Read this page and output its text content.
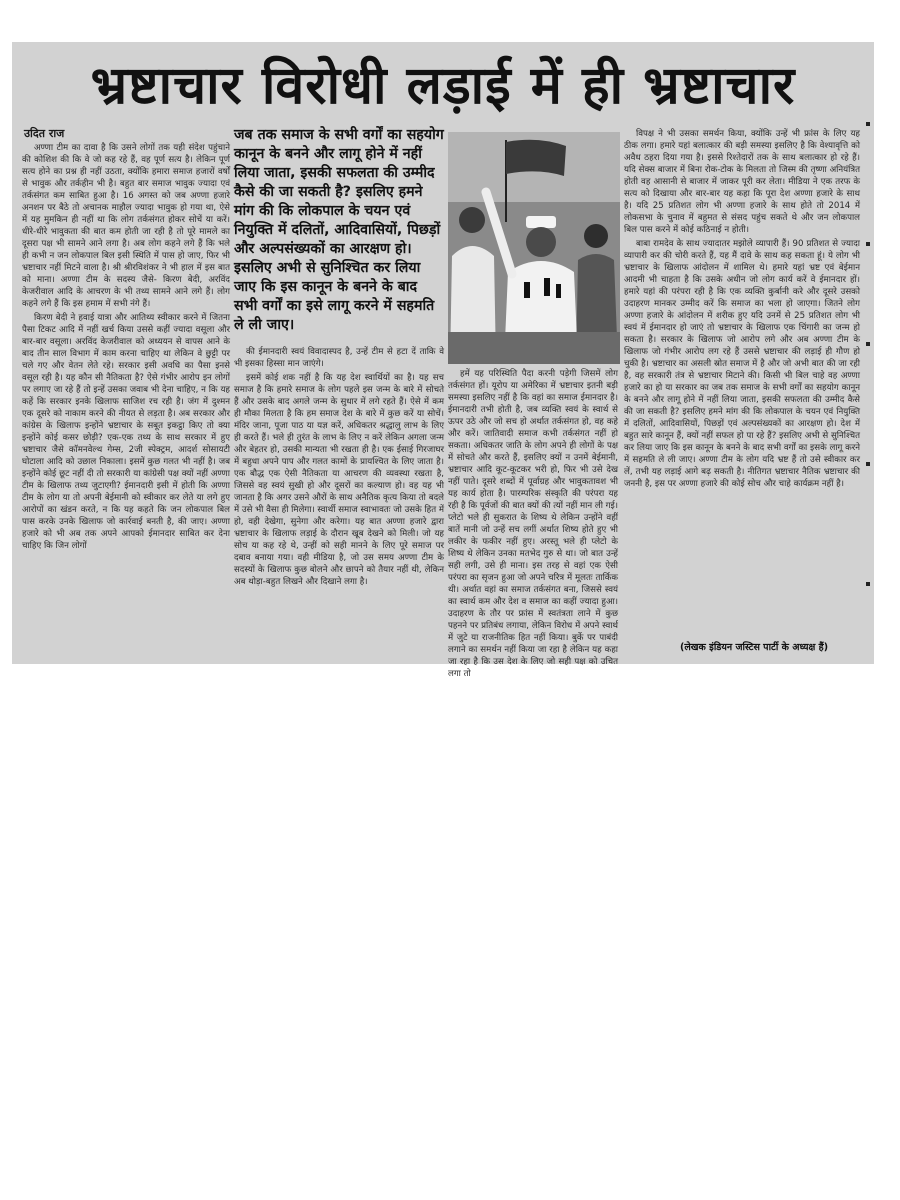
भ्रष्टाचार विरोधी लड़ाई में ही भ्रष्टाचार
उदित राज

अण्णा टीम का दावा है कि उसने लोगों तक यही संदेश पहुंचाने की कोशिश की कि वे जो कह रहे हैं, वह पूर्ण सत्य है। लेकिन पूर्ण सत्य होने का प्रश्न ही नहीं उठता, क्योंकि हमारा समाज हजारों वर्षों से भावुक और तर्कहीन भी है। बहुत बार समाज भावुक ज्यादा एवं तर्कसंगत कम साबित हुआ है। 16 अगस्त को जब अण्णा हजारे अनशन पर बैठे तो अचानक माहौल ज्यादा भावुक हो गया था, ऐसे में यह मुमकिन ही नहीं था कि लोग तर्कसंगत होकर सोचें या करें। धीरे-धीरे भावुकता की बात कम होती जा रही है तो पूरे मामले का दूसरा पक्ष भी सामने आने लगा है। अब लोग कहने लगे हैं कि भले ही कभी न जन लोकपाल बिल इसी स्थिति में पास हो जाए, फिर भी भ्रष्टाचार नहीं मिटने वाला है। श्री श्रीरविशंकर ने भी हाल में इस बात को माना। अण्णा टीम के सदस्य जैसे- किरण बेदी, अरविंद केजरीवाल आदि के आचरण के भी तथ्य सामने आने लगे हैं। लोग कहने लगे हैं कि इस हमाम में सभी नंगे हैं।

किरण बेदी ने हवाई यात्रा और आतिथ्य स्वीकार करने में जितना पैसा टिकट आदि में नहीं खर्च किया उससे कहीं ज्यादा वसूला और बार-बार वसूला। अरविंद केजरीवाल को अध्ययन से वापस आने के बाद तीन साल विभाग में काम करना चाहिए था लेकिन वे छुट्टी पर चले गए और वेतन लेते रहे। सरकार इसी अवधि का पैसा इनसे वसूल रही है। यह कौन सी नैतिकता है? ऐसे गंभीर आरोप इन लोगों पर लगाए जा रहे हैं तो इन्हें उसका जवाब भी देना चाहिए, न कि यह कहें कि सरकार इनके खिलाफ साजिश रच रही है। जंग में दुश्मन एक दूसरे को नाकाम करने की नीयत से लड़ता है। अब सरकार और कांग्रेस के खिलाफ इन्होंने भ्रष्टाचार के सबूत इकट्ठा किए तो क्या इन्होंने कोई कसर छोड़ी? एक-एक तथ्य के साथ सरकार में हुए भ्रष्टाचार जैसे कॉमनवेल्थ गेम्स, 2जी स्पेक्ट्रम, आदर्श सोसायटी घोटाला आदि को उछाल निकाला। इसमें कुछ गलत भी नहीं है। जब इन्होंने कोई छूट नहीं दी तो सरकारी या कांग्रेसी पक्ष क्यों नहीं अण्णा टीम के खिलाफ तथ्य जुटाएगी? ईमानदारी इसी में होती कि अण्णा टीम के लोग या तो अपनी बेईमानी को स्वीकार कर लेते या लगे हुए आरोपों का खंडन करते, न कि यह कहते कि जन लोकपाल बिल पास करके उनके खिलाफ जो कार्रवाई बनती है, की जाए। अण्णा हजारे को भी अब तक अपने आपको ईमानदार साबित कर देना चाहिए कि जिन लोगों

जब तक समाज के सभी वर्गों का सहयोग कानून के बनने और लागू होने में नहीं लिया जाता, इसकी सफलता की उम्मीद कैसे की जा सकती है? इसलिए हमने मांग की कि लोकपाल के चयन एवं नियुक्ति में दलितों, आदिवासियों, पिछड़ों और अल्पसंख्यकों का आरक्षण हो। इसलिए अभी से सुनिश्चित कर लिया जाए कि इस कानून के बनने के बाद सभी वर्गों का इसे लागू करने में सहमति ले ली जाए।

की ईमानदारी स्वयं विवादास्पद है, उन्हें टीम से हटा दें ताकि वे भी इसका हिस्सा मान जाएंगे।

इसमें कोई शक नहीं है कि यह देश स्वार्थियों का है। यह सच समाज है कि हमारे समाज के लोग पहले इस जन्म के बारे में सोचते हैं और उसके बाद अगले जन्म के सुधार में लगे रहते हैं। ऐसे में कम ही मौका मिलता है कि हम समाज देश के बारे में कुछ करें या सोचें। मंदिर जाना, पूजा पाठ या यज्ञ करें, अधिकतर श्रद्धालु लाभ के लिए ही करते हैं। भले ही तुरंत के लाभ के लिए न करें लेकिन अगला जन्म और बेहतर हो, उसकी मान्यता भी रखता ही है। एक ईसाई गिरजाघर में बहुधा अपने पाप और गलत कामों के प्रायश्चित के लिए जाता है। एक बौद्ध एक ऐसी नैतिकता या आचरण की व्यवस्था रखता है, जिससे वह स्वयं सुखी हो और दूसरों का कल्याण हो। वह यह भी जानता है कि अगर उसने औरों के साथ अनैतिक कृत्य किया तो बदले में उसे भी वैसा ही मिलेगा। स्वार्थी समाज स्वाभावतः जो उसके हित में हो, वही देखेगा, सुनेगा और करेगा। यह बात अण्णा हजारे द्वारा भ्रष्टाचार के खिलाफ लड़ाई के दौरान खूब देखने को मिली। जो यह सोच या कह रहे थे, उन्हीं को सही मानने के लिए पूरे समाज पर दबाव बनाया गया। वही मीडिया है, जो उस समय अण्णा टीम के सदस्यों के खिलाफ कुछ बोलने और छापने को तैयार नहीं थी, लेकिन अब थोड़ा-बहुत लिखने और दिखाने लगा है।

हमें यह परिस्थिति पैदा करनी पड़ेगी जिसमें लोग तर्कसंगत हों। यूरोप या अमेरिका में भ्रष्टाचार इतनी बड़ी समस्या इसलिए नहीं है कि वहां का समाज ईमानदार है। ईमानदारी तभी होती है, जब व्यक्ति स्वयं के स्वार्थ से ऊपर उठे और जो सच हो अर्थात तर्कसंगत हो, वह कहे और करें। जातिवादी समाज कभी तर्कसंगत नहीं हो सकता। अधिकतर जाति के लोग अपने ही लोगों के पक्ष में सोचते और करते हैं, इसलिए क्यों न उनमें बेईमानी, भ्रष्टाचार आदि कूट-कूटकर भरी हो, फिर भी उसे देख नहीं पाते। दूसरे शब्दों में पूर्वाग्रह और भावुकतावश भी यह कार्य होता है। पारम्परिक संस्कृति की परंपरा यह रही है कि पूर्वजों की बात क्यों की त्यों नहीं मान ली गई। प्लेटो भले ही सुकरात के शिष्य थे लेकिन उन्होंने वहीं बातें मानी जो उन्हें सच लगीं अर्थात शिष्य होते हुए भी लकीर के फकीर नहीं हुए। अरस्तू भले ही प्लेटो के शिष्य थे लेकिन उनका मतभेद गुरु से था। जो बात उन्हें सही लगी, उसे ही माना। इस तरह से वहां एक ऐसी परंपरा का सृजन हुआ जो अपने चरित्र में मूलतः तार्किक थी। अर्थात वहां का समाज तर्कसंगत बना, जिससे स्वयं का स्वार्थ कम और देश व समाज का कहीं ज्यादा हुआ। उदाहरण के तौर पर फ्रांस में स्वतंत्रता लाने में कुछ पहनने पर प्रतिबंध लगाया, लेकिन विरोध में अपने स्वार्थ में जुटे या राजनीतिक हित नहीं किया। बुर्के पर पाबंदी लगाने का समर्थन नहीं किया जा रहा है लेकिन यह कहा जा रहा है कि उस देश के लिए जो सही पक्ष को उचित लगा तो

विपक्ष ने भी उसका समर्थन किया, क्योंकि उन्हें भी फ्रांस के लिए यह ठीक लगा। हमारे यहां बलात्कार की बड़ी समस्या इसलिए है कि वेश्यावृत्ति को अवैध ठहरा दिया गया है। इससे रिश्तेदारों तक के साथ बलात्कार हो रहे हैं। यदि सेक्स बाजार में बिना रोक-टोक के मिलता तो जिस्म की तृष्णा अनियंत्रित होती वह आसानी से बाजार में जाकर पूरी कर लेता। मीडिया ने एक तरफ के सत्य को दिखाया और बार-बार यह कहा कि पूरा देश अण्णा हजारे के साथ है। यदि 25 प्रतिशत लोग भी अण्णा हजारे के साथ होते तो 2014 में लोकसभा के चुनाव में बहुमत से संसद पहुंच सकते थे और जन लोकपाल बिल पास करने में कोई कठिनाई न होती।

बाबा रामदेव के साथ ज्यादातर मझोले व्यापारी हैं। 90 प्रतिशत से ज्यादा व्यापारी कर की चोरी करते हैं, यह मैं दावे के साथ कह सकता हूं। ये लोग भी भ्रष्टाचार के खिलाफ आंदोलन में शामिल थे। हमारे यहां भ्रष्ट एवं बेईमान आदमी भी चाहता है कि उसके अधीन जो लोग कार्य करें वे ईमानदार हों। हमारे यहां की परंपरा रही है कि एक व्यक्ति कुर्बानी करे और दूसरे उसको उदाहरण मानकर उम्मीद करें कि समाज का भला हो जाएगा। जितने लोग अण्णा हजारे के आंदोलन में शरीक हुए यदि उनमें से 25 प्रतिशत लोग भी स्वयं में ईमानदार हो जाएं तो भ्रष्टाचार के खिलाफ एक चिंगारी का जन्म हो सकता है। सरकार के खिलाफ जो आरोप लगे और अब अण्णा टीम के खिलाफ जो गंभीर आरोप लग रहे हैं उससे भ्रष्टाचार की लड़ाई ही गौण हो चुकी है। भ्रष्टाचार का असली स्रोत समाज में है और जो अभी बात की जा रही है, वह सरकारी तंत्र से भ्रष्टाचार मिटाने की। किसी भी बिल चाहे वह अण्णा हजारे का हो या सरकार का जब तक समाज के सभी वर्गों का सहयोग कानून के बनने और लागू होने में नहीं लिया जाता, इसकी सफलता की उम्मीद कैसे की जा सकती है? इसलिए हमने मांग की कि लोकपाल के चयन एवं नियुक्ति में दलितों, आदिवासियों, पिछड़ों एवं अल्पसंख्यकों का आरक्षण हो। देश में बहुत सारे कानून हैं, क्यों नहीं सफल हो पा रहे हैं? इसलिए अभी से सुनिश्चित कर लिया जाए कि इस कानून के बनने के बाद सभी वर्गों का इसके लागू करने में सहमति ले ली जाए। अण्णा टीम के लोग यदि भ्रष्ट हैं तो उसे स्वीकार कर लें, तभी यह लड़ाई आगे बढ़ सकती है। नीतिगत भ्रष्टाचार नैतिक भ्रष्टाचार की जननी है, इस पर अण्णा हजारे की कोई सोच और चाहे कार्यक्रम नहीं है।

(लेखक इंडियन जस्टिस पार्टी के अध्यक्ष हैं)
